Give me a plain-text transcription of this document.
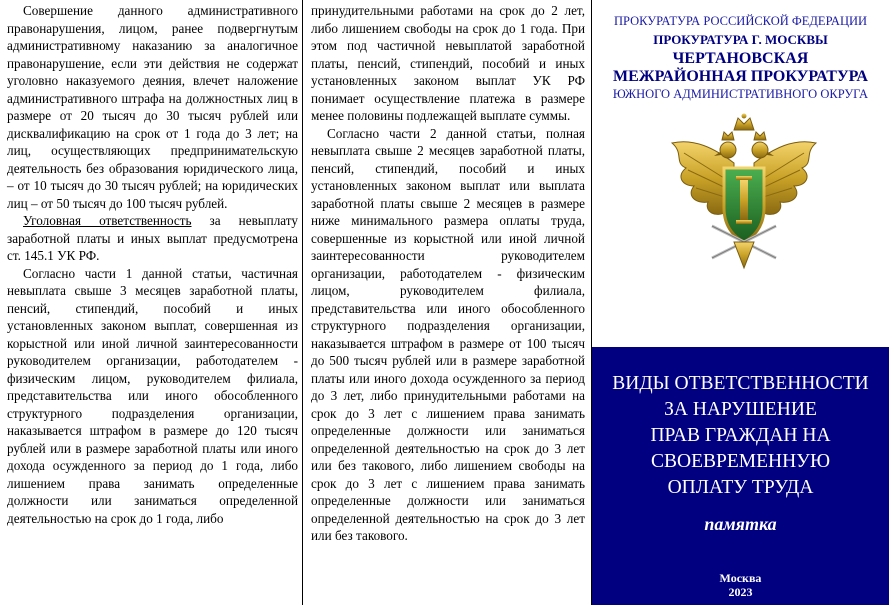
Совершение данного административного правонарушения, лицом, ранее подвергнутым административному наказанию за аналогичное правонарушение, если эти действия не содержат уголовно наказуемого деяния, влечет наложение административного штрафа на должностных лиц в размере от 20 тысяч до 30 тысяч рублей или дисквалификацию на срок от 1 года до 3 лет; на лиц, осуществляющих предпринимательскую деятельность без образования юридического лица, – от 10 тысяч до 30 тысяч рублей; на юридических лиц – от 50 тысяч до 100 тысяч рублей.

Уголовная ответственность за невыплату заработной платы и иных выплат предусмотрена ст. 145.1 УК РФ.

Согласно части 1 данной статьи, частичная невыплата свыше 3 месяцев заработной платы, пенсий, стипендий, пособий и иных установленных законом выплат, совершенная из корыстной или иной личной заинтересованности руководителем организации, работодателем - физическим лицом, руководителем филиала, представительства или иного обособленного структурного подразделения организации, наказывается штрафом в размере до 120 тысяч рублей или в размере заработной платы или иного дохода осужденного за период до 1 года, либо лишением права занимать определенные должности или заниматься определенной деятельностью на срок до 1 года, либо

принудительными работами на срок до 2 лет, либо лишением свободы на срок до 1 года. При этом под частичной невыплатой заработной платы, пенсий, стипендий, пособий и иных установленных законом выплат УК РФ понимает осуществление платежа в размере менее половины подлежащей выплате суммы.

Согласно части 2 данной статьи, полная невыплата свыше 2 месяцев заработной платы, пенсий, стипендий, пособий и иных установленных законом выплат или выплата заработной платы свыше 2 месяцев в размере ниже минимального размера оплаты труда, совершенные из корыстной или иной личной заинтересованности руководителем организации, работодателем - физическим лицом, руководителем филиала, представительства или иного обособленного структурного подразделения организации, наказывается штрафом в размере от 100 тысяч до 500 тысяч рублей или в размере заработной платы или иного дохода осужденного за период до 3 лет, либо принудительными работами на срок до 3 лет с лишением права занимать определенные должности или заниматься определенной деятельностью на срок до 3 лет или без такового, либо лишением свободы на срок до 3 лет с лишением права занимать определенные должности или заниматься определенной деятельностью на срок до 3 лет или без такового.

ПРОКУРАТУРА РОССИЙСКОЙ ФЕДЕРАЦИИ

ПРОКУРАТУРА Г. МОСКВЫ

ЧЕРТАНОВСКАЯ
МЕЖРАЙОННАЯ ПРОКУРАТУРА

ЮЖНОГО АДМИНИСТРАТИВНОГО ОКРУГА

ВИДЫ ОТВЕТСТВЕННОСТИ
ЗА НАРУШЕНИЕ
ПРАВ ГРАЖДАН НА
СВОЕВРЕМЕННУЮ
ОПЛАТУ ТРУДА
памятка
Москва
2023
